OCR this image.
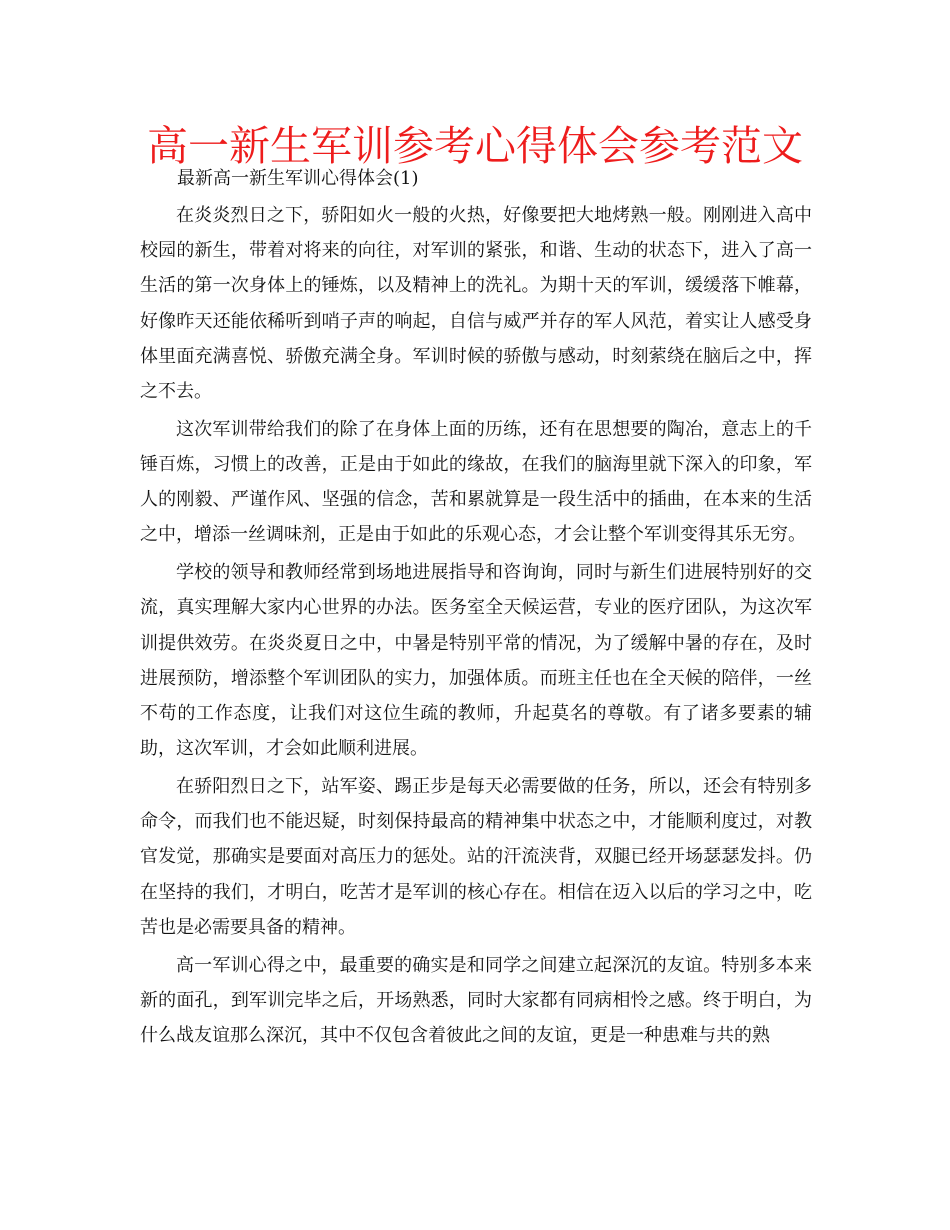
高一新生军训参考心得体会参考范文

最新高一新生军训心得体会(1)

在炎炎烈日之下，骄阳如火一般的火热，好像要把大地烤熟一般。刚刚进入高中校园的新生，带着对将来的向往，对军训的紧张，和谐、生动的状态下，进入了高一生活的第一次身体上的锤炼，以及精神上的洗礼。为期十天的军训，缓缓落下帷幕，好像昨天还能依稀听到哨子声的响起，自信与威严并存的军人风范，着实让人感受身体里面充满喜悦、骄傲充满全身。军训时候的骄傲与感动，时刻萦绕在脑后之中，挥之不去。

这次军训带给我们的除了在身体上面的历练，还有在思想要的陶冶，意志上的千锤百炼，习惯上的改善，正是由于如此的缘故，在我们的脑海里就下深入的印象，军人的刚毅、严谨作风、坚强的信念，苦和累就算是一段生活中的插曲，在本来的生活之中，增添一丝调味剂，正是由于如此的乐观心态，才会让整个军训变得其乐无穷。

学校的领导和教师经常到场地进展指导和咨询询，同时与新生们进展特别好的交流，真实理解大家内心世界的办法。医务室全天候运营，专业的医疗团队，为这次军训提供效劳。在炎炎夏日之中，中暑是特别平常的情况，为了缓解中暑的存在，及时进展预防，增添整个军训团队的实力，加强体质。而班主任也在全天候的陪伴，一丝不苟的工作态度，让我们对这位生疏的教师，升起莫名的尊敬。有了诸多要素的辅助，这次军训，才会如此顺利进展。

在骄阳烈日之下，站军姿、踢正步是每天必需要做的任务，所以，还会有特别多命令，而我们也不能迟疑，时刻保持最高的精神集中状态之中，才能顺利度过，对教官发觉，那确实是要面对高压力的惩处。站的汗流浃背，双腿已经开场瑟瑟发抖。仍在坚持的我们，才明白，吃苦才是军训的核心存在。相信在迈入以后的学习之中，吃苦也是必需要具备的精神。

高一军训心得之中，最重要的确实是和同学之间建立起深沉的友谊。特别多本来新的面孔，到军训完毕之后，开场熟悉，同时大家都有同病相怜之感。终于明白，为什么战友谊那么深沉，其中不仅包含着彼此之间的友谊，更是一种患难与共的熟
